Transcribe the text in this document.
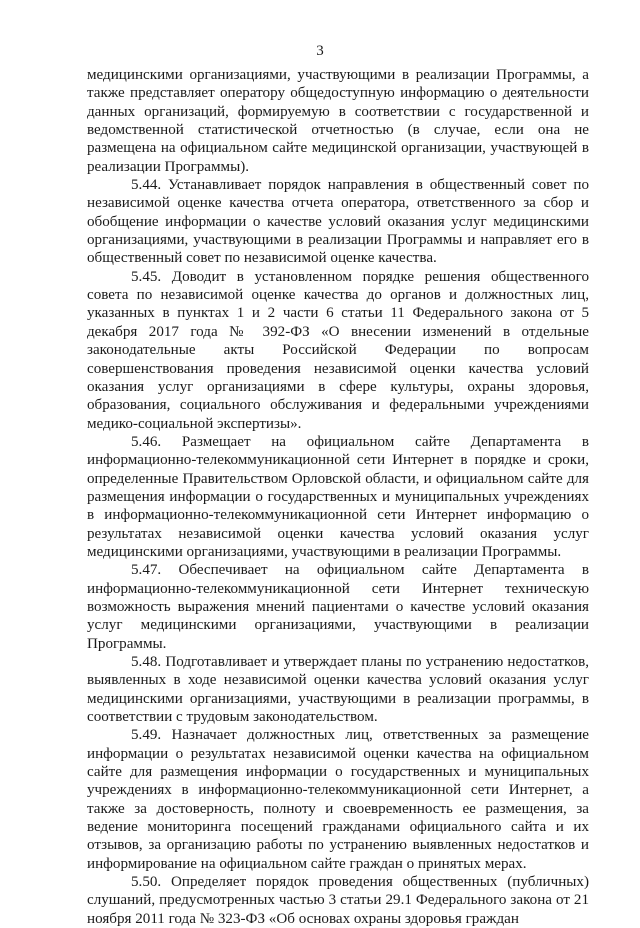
3

медицинскими организациями, участвующими в реализации Программы, а также представляет оператору общедоступную информацию о деятельности данных организаций, формируемую в соответствии с государственной и ведомственной статистической отчетностью (в случае, если она не размещена на официальном сайте медицинской организации, участвующей в реализации Программы).

5.44. Устанавливает порядок направления в общественный совет по независимой оценке качества отчета оператора, ответственного за сбор и обобщение информации о качестве условий оказания услуг медицинскими организациями, участвующими в реализации Программы и направляет его в общественный совет по независимой оценке качества.

5.45. Доводит в установленном порядке решения общественного совета по независимой оценке качества до органов и должностных лиц, указанных в пунктах 1 и 2 части 6 статьи 11 Федерального закона от 5 декабря 2017 года № 392-ФЗ «О внесении изменений в отдельные законодательные акты Российской Федерации по вопросам совершенствования проведения независимой оценки качества условий оказания услуг организациями в сфере культуры, охраны здоровья, образования, социального обслуживания и федеральными учреждениями медико-социальной экспертизы».

5.46. Размещает на официальном сайте Департамента в информационно-телекоммуникационной сети Интернет в порядке и сроки, определенные Правительством Орловской области, и официальном сайте для размещения информации о государственных и муниципальных учреждениях в информационно-телекоммуникационной сети Интернет информацию о результатах независимой оценки качества условий оказания услуг медицинскими организациями, участвующими в реализации Программы.

5.47. Обеспечивает на официальном сайте Департамента в информационно-телекоммуникационной сети Интернет техническую возможность выражения мнений пациентами о качестве условий оказания услуг медицинскими организациями, участвующими в реализации Программы.

5.48. Подготавливает и утверждает планы по устранению недостатков, выявленных в ходе независимой оценки качества условий оказания услуг медицинскими организациями, участвующими в реализации программы, в соответствии с трудовым законодательством.

5.49. Назначает должностных лиц, ответственных за размещение информации о результатах независимой оценки качества на официальном сайте для размещения информации о государственных и муниципальных учреждениях в информационно-телекоммуникационной сети Интернет, а также за достоверность, полноту и своевременность ее размещения, за ведение мониторинга посещений гражданами официального сайта и их отзывов, за организацию работы по устранению выявленных недостатков и информирование на официальном сайте граждан о принятых мерах.

5.50. Определяет порядок проведения общественных (публичных) слушаний, предусмотренных частью 3 статьи 29.1 Федерального закона от 21 ноября 2011 года № 323-ФЗ «Об основах охраны здоровья граждан
